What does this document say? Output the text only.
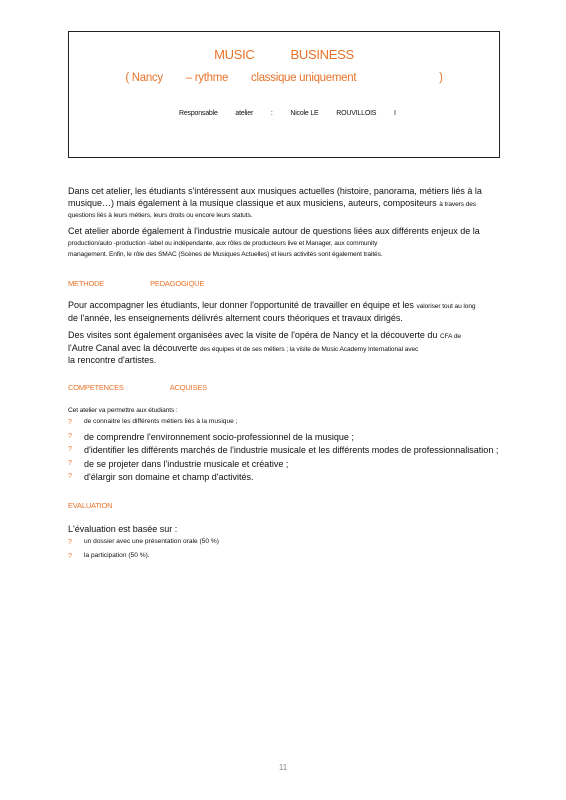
MUSIC	BUSINESS
( Nancy – rythme classique uniquement	)
Responsable	atelier	:	Nicole LE	ROUVILLOIS	I
Dans cet atelier, les étudiants s'intéressent aux musiques actuelles (histoire, panorama, métiers liés à la
musique…) mais également à la musique classique et aux musiciens, auteurs, compositeurs à travers des
questions liés à leurs métiers, leurs droits ou encore leurs statuts.
Cet atelier aborde également à l'industrie musicale autour de questions liées aux différents enjeux de la
production/auto -production -label ou indépendante, aux rôles de producteurs live et Manager, aux community
management. Enfin, le rôle des SMAC (Scènes de Musiques Actuelles) et leurs activités sont également traités.
METHODE	PEDAGOGIQUE
Pour accompagner les étudiants, leur donner l'opportunité de travailler en équipe et les valoriser tout au long
de l'année, les enseignements délivrés alternent cours théoriques et travaux dirigés.
Des visites sont également organisées avec la visite de l'opéra de Nancy et la découverte du CFA de
l'Autre Canal avec la découverte des équipes et de ses métiers ; la visite de Music Academy International avec
la rencontre d'artistes.
COMPETENCES	ACQUISES
Cet atelier va permettre aux étudiants :
? de connaitre les différents métiers liés à la musique ;
? de comprendre l'environnement socio-professionnel de la musique ;
? d'identifier les différents marchés de l'industrie musicale et les différents modes de professionnalisation ;
? de se projeter dans l'industrie musicale et créative ;
? d'élargir son domaine et champ d'activités.
EVALUATION
L'évaluation est basée sur :
? un dossier avec une présentation orale (50 %)
? la participation (50 %).
11
